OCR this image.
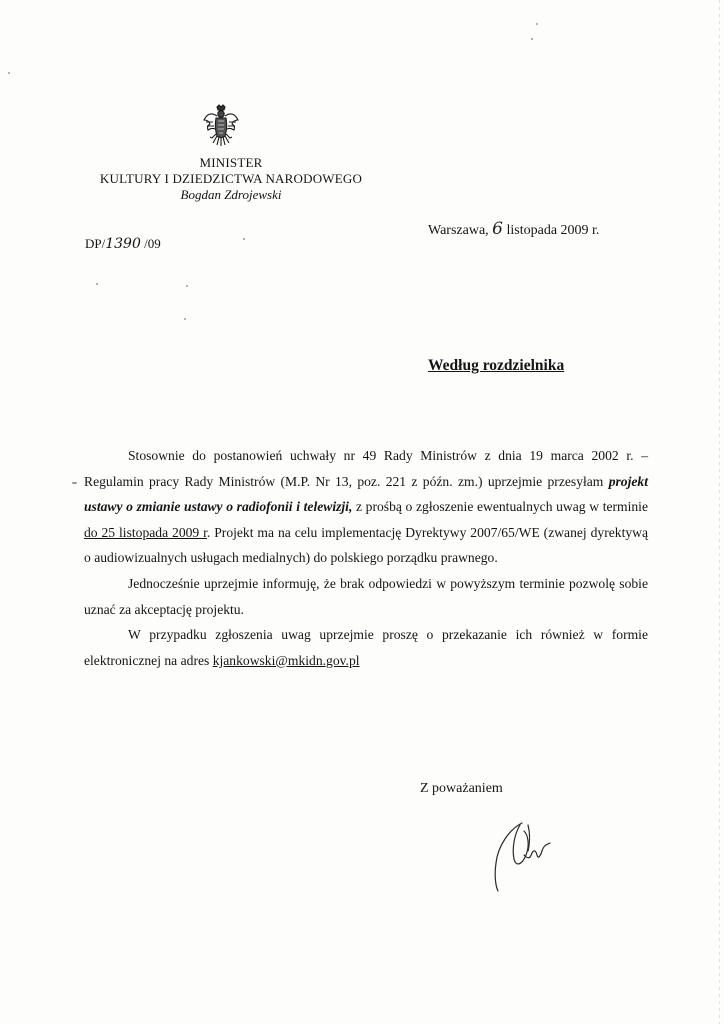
MINISTER
KULTURY I DZIEDZICTWA NARODOWEGO
Bogdan Zdrojewski
DP/1390 /09
Warszawa, 6 listopada 2009 r.
Według rozdzielnika

Stosownie do postanowień uchwały nr 49 Rady Ministrów z dnia 19 marca 2002 r. – Regulamin pracy Rady Ministrów (M.P. Nr 13, poz. 221 z późn. zm.) uprzejmie przesyłam projekt ustawy o zmianie ustawy o radiofonii i telewizji, z prośbą o zgłoszenie ewentualnych uwag w terminie do 25 listopada 2009 r. Projekt ma na celu implementację Dyrektywy 2007/65/WE (zwanej dyrektywą o audiowizualnych usługach medialnych) do polskiego porządku prawnego.

Jednocześnie uprzejmie informuję, że brak odpowiedzi w powyższym terminie pozwolę sobie uznać za akceptację projektu.

W przypadku zgłoszenia uwag uprzejmie proszę o przekazanie ich również w formie elektronicznej na adres kjankowski@mkidn.gov.pl

Z poważaniem
